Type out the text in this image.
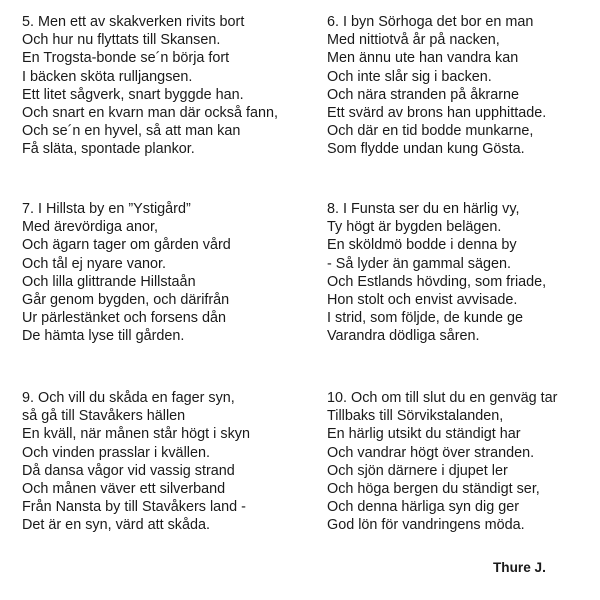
5. Men ett av skakverken rivits bort
Och hur nu flyttats till Skansen.
En Trogsta-bonde se´n börja fort
I bäcken sköta rulljangsen.
Ett litet sågverk, snart byggde han.
Och snart en kvarn man där också fann,
Och se´n en hyvel, så att man kan
Få släta, spontade plankor.
6. I byn Sörhoga det bor en man
Med nittiotvå år på nacken,
Men ännu ute han vandra kan
Och inte slår sig i backen.
Och nära stranden på åkrarne
Ett svärd av brons han upphittade.
Och där en tid bodde munkarne,
Som flydde undan kung Gösta.
7. I Hillsta by en ”Ystigård”
Med ärevördiga anor,
Och ägarn tager om gården vård
Och tål ej nyare vanor.
Och lilla glittrande Hillstaån
Går genom bygden, och därifrån
Ur pärlestänket och forsens dån
De hämta lyse till gården.
8. I Funsta ser du en härlig vy,
Ty högt är bygden belägen.
En sköldmö bodde i denna by
- Så lyder än gammal sägen.
Och Estlands hövding, som friade,
Hon stolt och envist avvisade.
I strid, som följde, de kunde ge
Varandra dödliga såren.
9. Och vill du skåda en fager syn,
så gå till Stavåkers hällen
En kväll, när månen står högt i skyn
Och vinden prasslar i kvällen.
Då dansa vågor vid vassig strand
Och månen väver ett silverband
Från Nansta by till Stavåkers land -
Det är en syn, värd att skåda.
10. Och om till slut du en genväg tar
Tillbaks till Sörvikstalanden,
En härlig utsikt du ständigt har
Och vandrar högt över stranden.
Och sjön därnere i djupet ler
Och höga bergen du ständigt ser,
Och denna härliga syn dig ger
God lön för vandringens möda.
Thure J.
